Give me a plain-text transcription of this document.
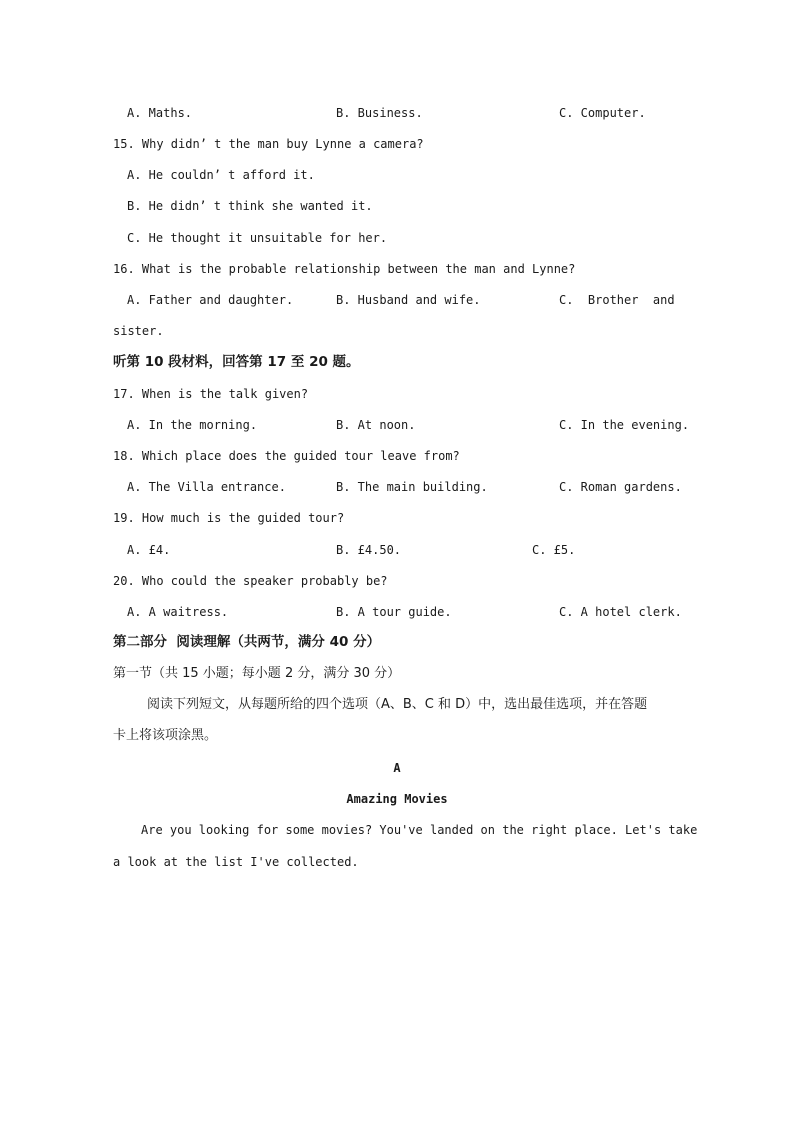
A. Maths.	B. Business.	C. Computer.
15. Why didn’ t the man buy Lynne a camera?
A. He couldn’ t afford it.
B. He didn’ t think she wanted it.
C. He thought it unsuitable for her.
16. What is the probable relationship between the man and Lynne?
A. Father and daughter.	B. Husband and wife.	C.  Brother  and
sister.
听第 10 段材料，回答第 17 至 20 题。
17. When is the talk given?
A. In the morning.	B. At noon.	C. In the evening.
18. Which place does the guided tour leave from?
A. The Villa entrance.	B. The main building.	C. Roman gardens.
19. How much is the guided tour?
A. £4.	B. £4.50.	C. £5.
20. Who could the speaker probably be?
A. A waitress.	B. A tour guide.	C. A hotel clerk.
第二部分  阅读理解（共两节，满分 40 分）
第一节（共 15 小题；每小题 2 分，满分 30 分）
阅读下列短文，从每题所给的四个选项（A、B、C 和 D）中，选出最佳选项，并在答题
卡上将该项涂黑。
A
Amazing Movies
Are you looking for some movies? You've landed on the right place. Let's take
a look at the list I've collected.
